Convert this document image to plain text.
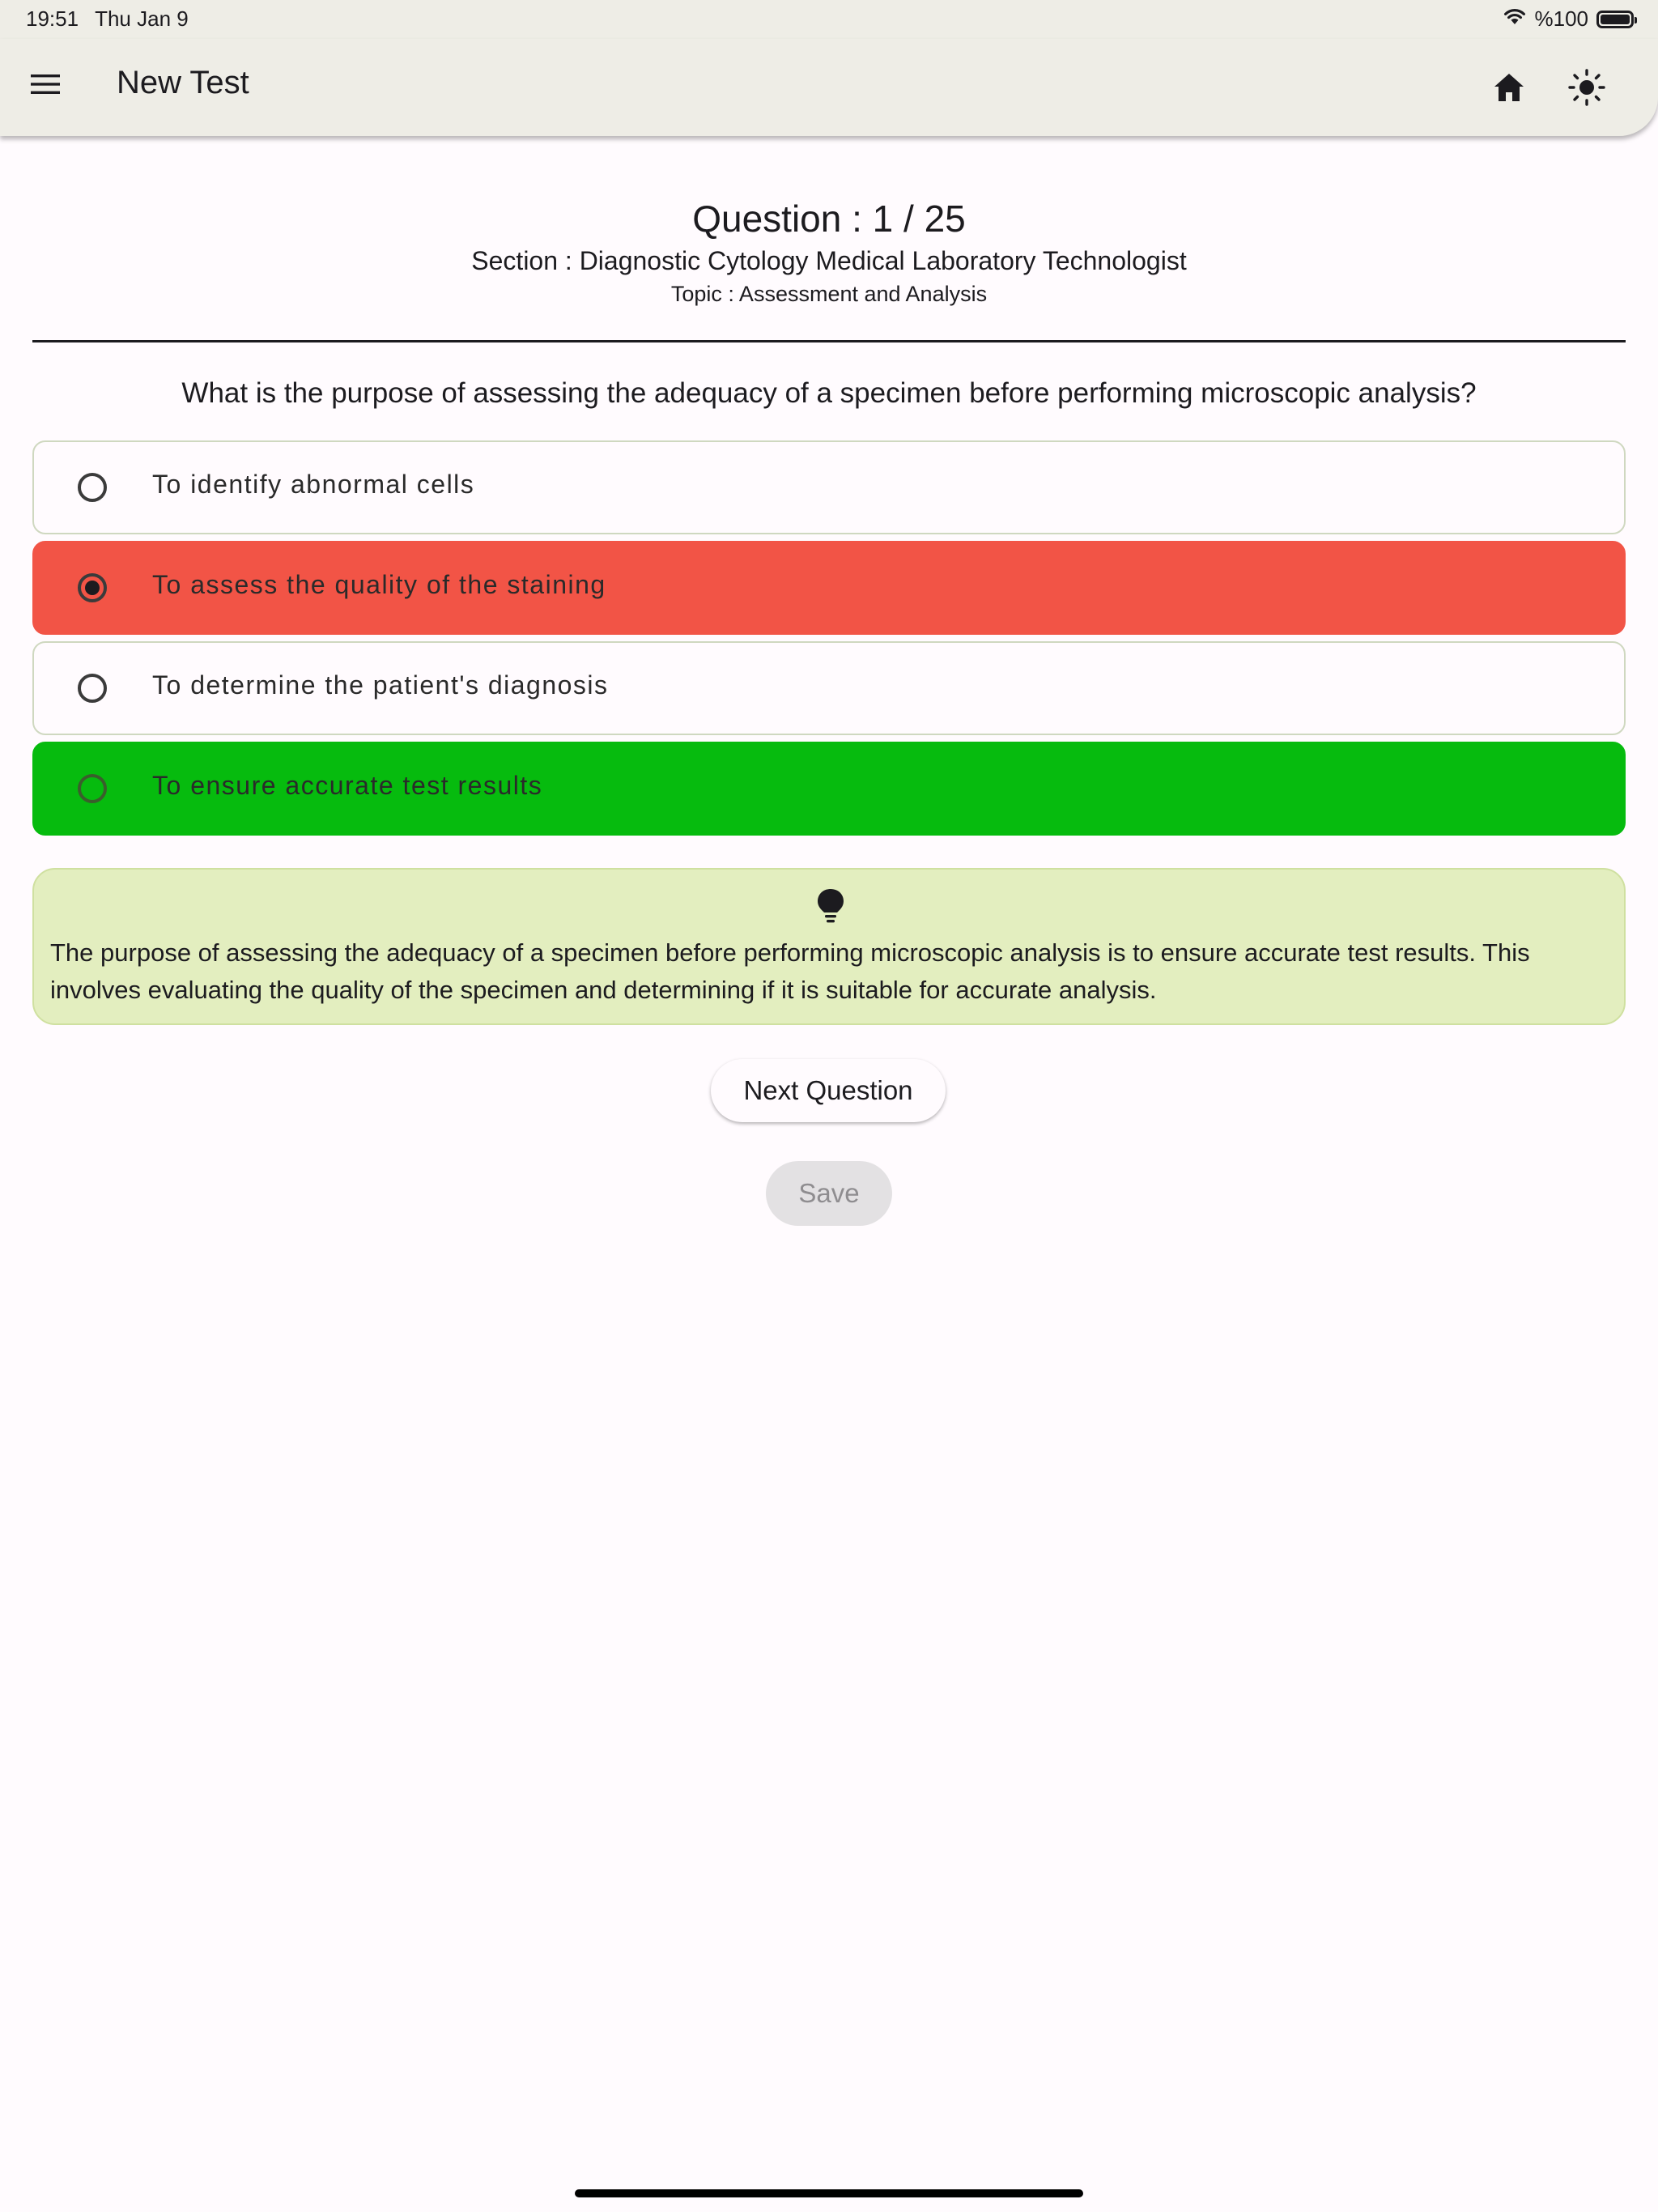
19:51 Thu Jan 9	%100
New Test
Question : 1 / 25
Section : Diagnostic Cytology Medical Laboratory Technologist
Topic : Assessment and Analysis
What is the purpose of assessing the adequacy of a specimen before performing microscopic analysis?
To identify abnormal cells
To assess the quality of the staining
To determine the patient's diagnosis
To ensure accurate test results
The purpose of assessing the adequacy of a specimen before performing microscopic analysis is to ensure accurate test results. This involves evaluating the quality of the specimen and determining if it is suitable for accurate analysis.
Next Question
Save
